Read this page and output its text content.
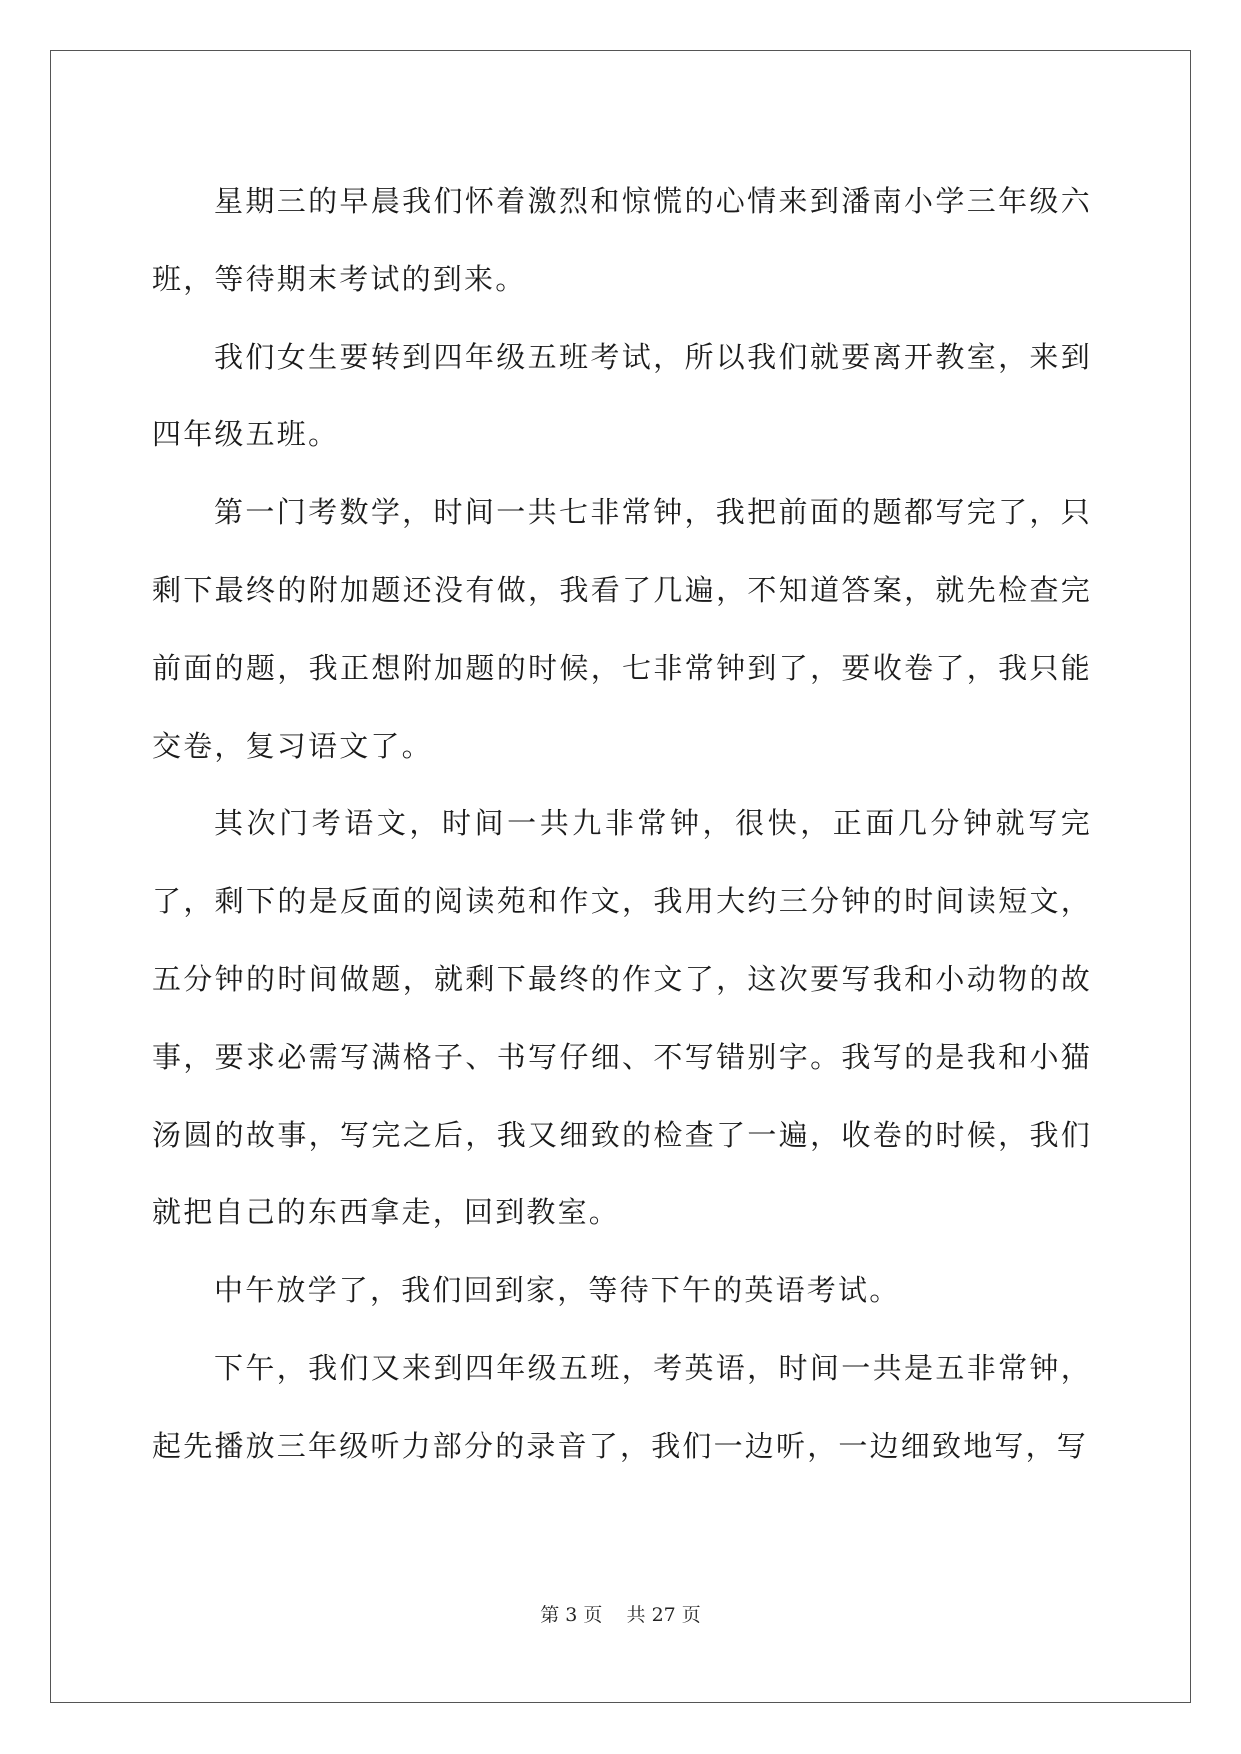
星期三的早晨我们怀着激烈和惊慌的心情来到潘南小学三年级六班，等待期末考试的到来。

我们女生要转到四年级五班考试，所以我们就要离开教室，来到四年级五班。

第一门考数学，时间一共七非常钟，我把前面的题都写完了，只剩下最终的附加题还没有做，我看了几遍，不知道答案，就先检查完前面的题，我正想附加题的时候，七非常钟到了，要收卷了，我只能交卷，复习语文了。

其次门考语文，时间一共九非常钟，很快，正面几分钟就写完了，剩下的是反面的阅读苑和作文，我用大约三分钟的时间读短文，五分钟的时间做题，就剩下最终的作文了，这次要写我和小动物的故事，要求必需写满格子、书写仔细、不写错别字。我写的是我和小猫汤圆的故事，写完之后，我又细致的检查了一遍，收卷的时候，我们就把自己的东西拿走，回到教室。

中午放学了，我们回到家，等待下午的英语考试。

下午，我们又来到四年级五班，考英语，时间一共是五非常钟，起先播放三年级听力部分的录音了，我们一边听，一边细致地写，写

第 3 页 共 27 页
